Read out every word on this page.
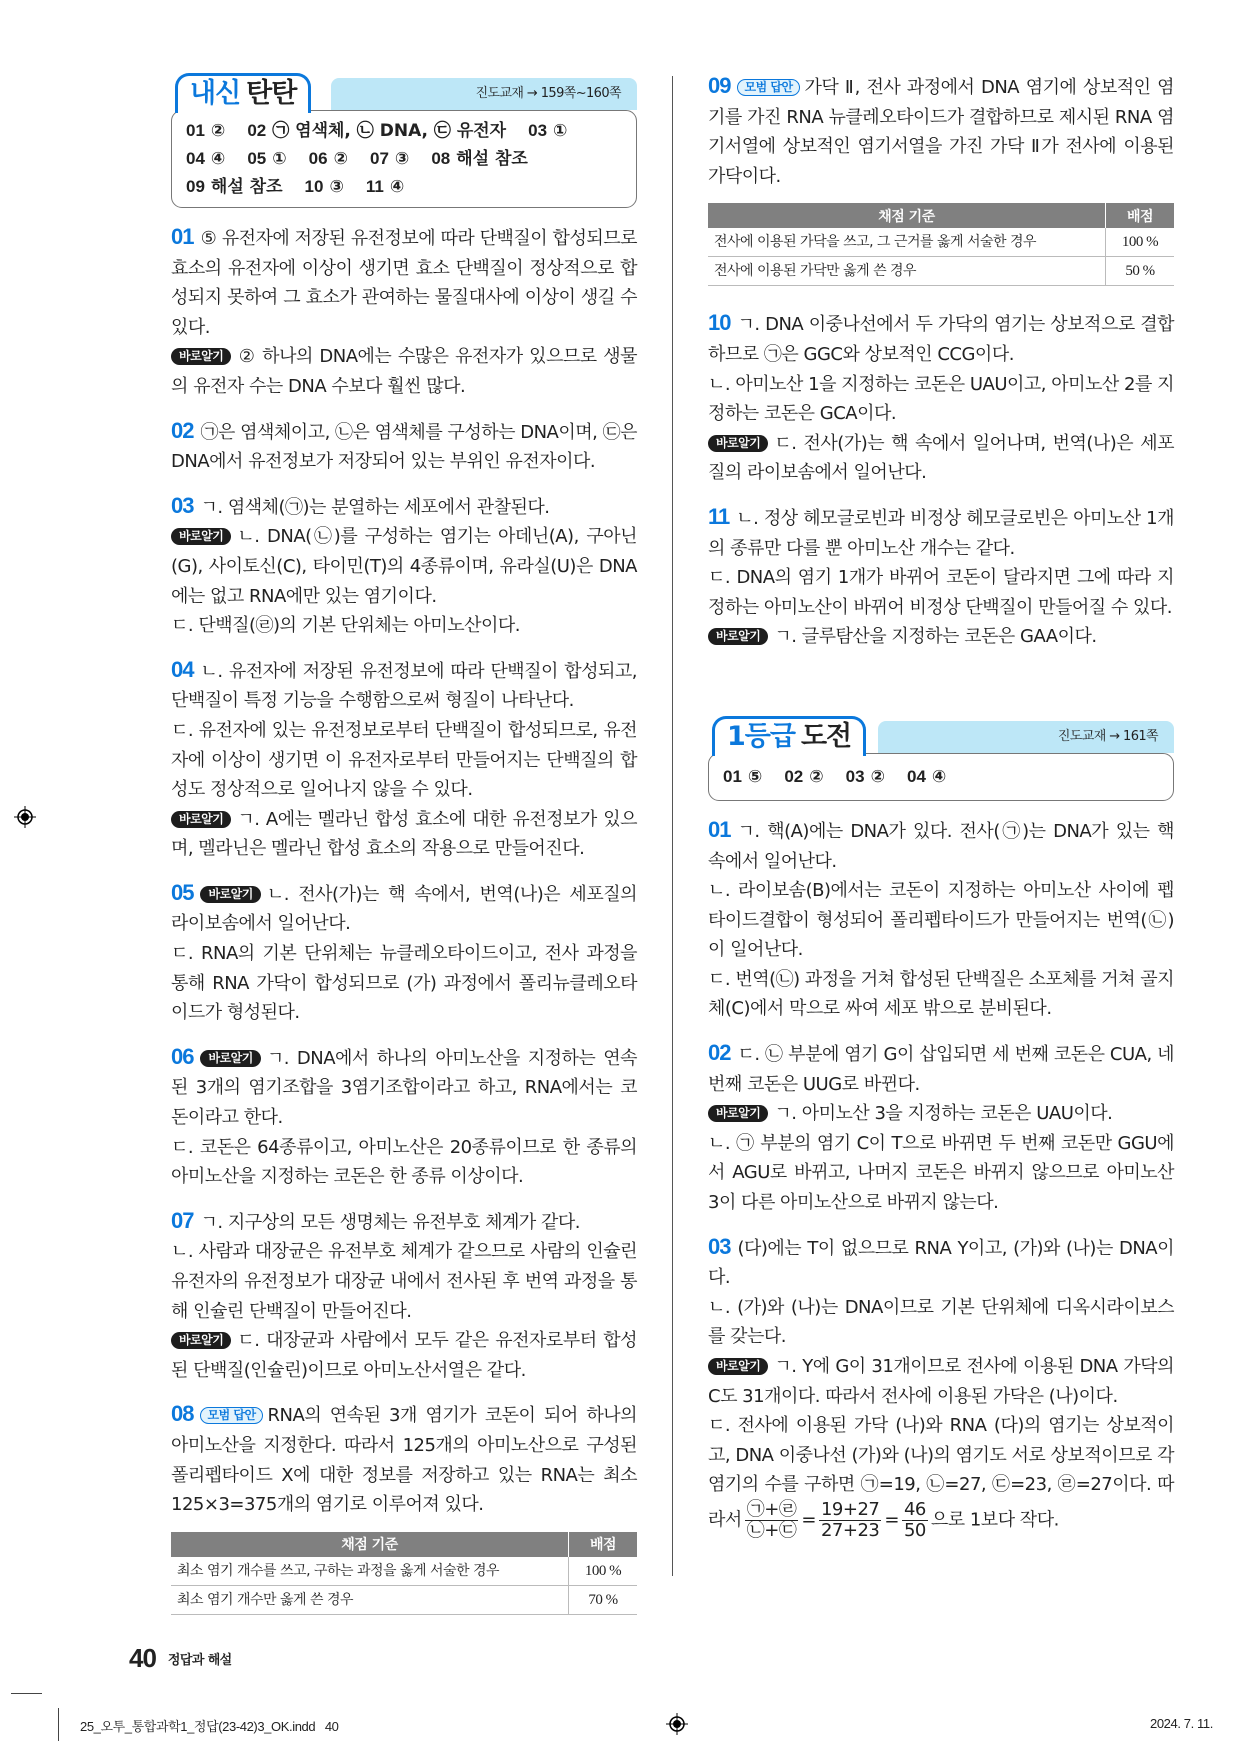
진도교재 → 159쪽~160쪽
내신 탄탄
01 ② 02 ㉠ 염색체, ㉡ DNA, ㉢ 유전자 03 ①04 ④ 05 ① 06 ② 07 ③ 08 해설 참조09 해설 참조 10 ③ 11 ④

01 ⑤ 유전자에 저장된 유전정보에 따라 단백질이 합성되므로 효소의 유전자에 이상이 생기면 효소 단백질이 정상적으로 합성되지 못하여 그 효소가 관여하는 물질대사에 이상이 생길 수 있다.

바로알기 ② 하나의 DNA에는 수많은 유전자가 있으므로 생물의 유전자 수는 DNA 수보다 훨씬 많다.

02 ㉠은 염색체이고, ㉡은 염색체를 구성하는 DNA이며, ㉢은 DNA에서 유전정보가 저장되어 있는 부위인 유전자이다.

03 ㄱ. 염색체(㉠)는 분열하는 세포에서 관찰된다.

바로알기 ㄴ. DNA(㉡)를 구성하는 염기는 아데닌(A), 구아닌(G), 사이토신(C), 타이민(T)의 4종류이며, 유라실(U)은 DNA에는 없고 RNA에만 있는 염기이다.

ㄷ. 단백질(㉣)의 기본 단위체는 아미노산이다.

04 ㄴ. 유전자에 저장된 유전정보에 따라 단백질이 합성되고, 단백질이 특정 기능을 수행함으로써 형질이 나타난다.

ㄷ. 유전자에 있는 유전정보로부터 단백질이 합성되므로, 유전자에 이상이 생기면 이 유전자로부터 만들어지는 단백질의 합성도 정상적으로 일어나지 않을 수 있다.

바로알기 ㄱ. A에는 멜라닌 합성 효소에 대한 유전정보가 있으며, 멜라닌은 멜라닌 합성 효소의 작용으로 만들어진다.

05 바로알기 ㄴ. 전사(가)는 핵 속에서, 번역(나)은 세포질의 라이보솜에서 일어난다.

ㄷ. RNA의 기본 단위체는 뉴클레오타이드이고, 전사 과정을 통해 RNA 가닥이 합성되므로 (가) 과정에서 폴리뉴클레오타이드가 형성된다.

06 바로알기 ㄱ. DNA에서 하나의 아미노산을 지정하는 연속된 3개의 염기조합을 3염기조합이라고 하고, RNA에서는 코돈이라고 한다.

ㄷ. 코돈은 64종류이고, 아미노산은 20종류이므로 한 종류의 아미노산을 지정하는 코돈은 한 종류 이상이다.

07 ㄱ. 지구상의 모든 생명체는 유전부호 체계가 같다.

ㄴ. 사람과 대장균은 유전부호 체계가 같으므로 사람의 인슐린 유전자의 유전정보가 대장균 내에서 전사된 후 번역 과정을 통해 인슐린 단백질이 만들어진다.

바로알기 ㄷ. 대장균과 사람에서 모두 같은 유전자로부터 합성된 단백질(인슐린)이므로 아미노산서열은 같다.

08 모범 답안 RNA의 연속된 3개 염기가 코돈이 되어 하나의 아미노산을 지정한다. 따라서 125개의 아미노산으로 구성된 폴리펩타이드 X에 대한 정보를 저장하고 있는 RNA는 최소 125×3=375개의 염기로 이루어져 있다.

채점 기준	배점
최소 염기 개수를 쓰고, 구하는 과정을 옳게 서술한 경우	100 %
최소 염기 개수만 옳게 쓴 경우	70 %
40 정답과 해설

09 모범 답안 가닥 Ⅱ, 전사 과정에서 DNA 염기에 상보적인 염기를 가진 RNA 뉴클레오타이드가 결합하므로 제시된 RNA 염기서열에 상보적인 염기서열을 가진 가닥 Ⅱ가 전사에 이용된 가닥이다.

채점 기준	배점
전사에 이용된 가닥을 쓰고, 그 근거를 옳게 서술한 경우	100 %
전사에 이용된 가닥만 옳게 쓴 경우	50 %

10 ㄱ. DNA 이중나선에서 두 가닥의 염기는 상보적으로 결합하므로 ㉠은 GGC와 상보적인 CCG이다.

ㄴ. 아미노산 1을 지정하는 코돈은 UAU이고, 아미노산 2를 지정하는 코돈은 GCA이다.

바로알기 ㄷ. 전사(가)는 핵 속에서 일어나며, 번역(나)은 세포질의 라이보솜에서 일어난다.

11 ㄴ. 정상 헤모글로빈과 비정상 헤모글로빈은 아미노산 1개의 종류만 다를 뿐 아미노산 개수는 같다.

ㄷ. DNA의 염기 1개가 바뀌어 코돈이 달라지면 그에 따라 지정하는 아미노산이 바뀌어 비정상 단백질이 만들어질 수 있다.

바로알기 ㄱ. 글루탐산을 지정하는 코돈은 GAA이다.

진도교재 → 161쪽
1등급 도전
01 ⑤ 02 ② 03 ② 04 ④

01 ㄱ. 핵(A)에는 DNA가 있다. 전사(㉠)는 DNA가 있는 핵 속에서 일어난다.

ㄴ. 라이보솜(B)에서는 코돈이 지정하는 아미노산 사이에 펩타이드결합이 형성되어 폴리펩타이드가 만들어지는 번역(㉡)이 일어난다.

ㄷ. 번역(㉡) 과정을 거쳐 합성된 단백질은 소포체를 거쳐 골지체(C)에서 막으로 싸여 세포 밖으로 분비된다.

02 ㄷ. ㉡ 부분에 염기 G이 삽입되면 세 번째 코돈은 CUA, 네 번째 코돈은 UUG로 바뀐다.

바로알기 ㄱ. 아미노산 3을 지정하는 코돈은 UAU이다.

ㄴ. ㉠ 부분의 염기 C이 T으로 바뀌면 두 번째 코돈만 GGU에서 AGU로 바뀌고, 나머지 코돈은 바뀌지 않으므로 아미노산 3이 다른 아미노산으로 바뀌지 않는다.

03 (다)에는 T이 없으므로 RNA Y이고, (가)와 (나)는 DNA이다.

ㄴ. (가)와 (나)는 DNA이므로 기본 단위체에 디옥시라이보스를 갖는다.

바로알기 ㄱ. Y에 G이 31개이므로 전사에 이용된 DNA 가닥의 C도 31개이다. 따라서 전사에 이용된 가닥은 (나)이다.

ㄷ. 전사에 이용된 가닥 (나)와 RNA (다)의 염기는 상보적이고, DNA 이중나선 (가)와 (나)의 염기도 서로 상보적이므로 각 염기의 수를 구하면 ㉠=19, ㉡=27, ㉢=23, ㉣=27이다. 따라서 $\frac{㉠+㉣}{㉡+㉢} = \frac{19+27}{27+23} = \frac{46}{50}$ 으로 1보다 작다.

25_오투_통합과학1_정답(23-42)3_OK.indd   40	2024. 7. 11.
